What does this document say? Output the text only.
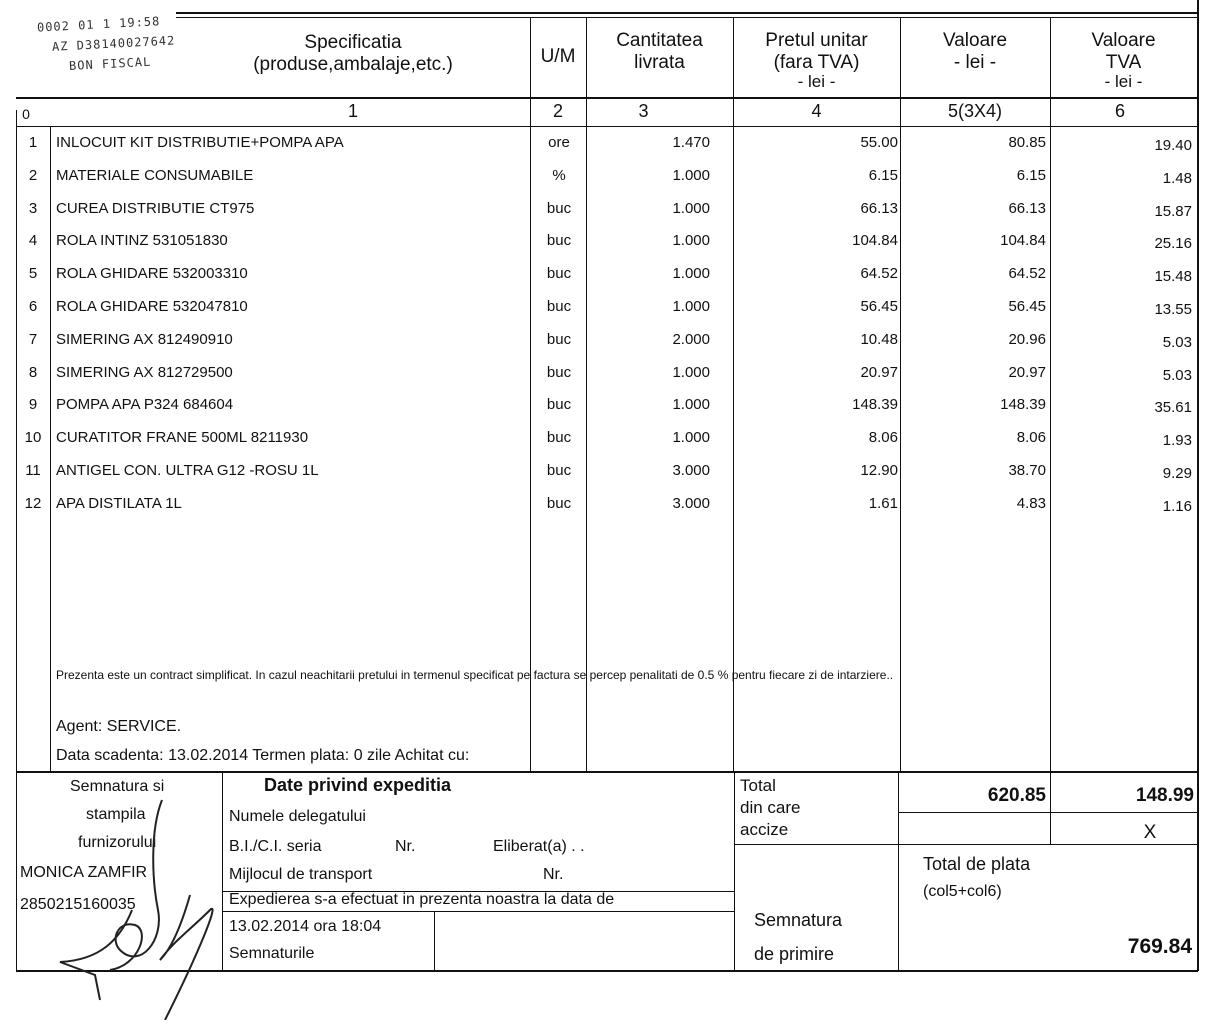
0002 01 1 19:58
AZ D38140027642
BON FISCAL
Specificatia
(produse,ambalaje,etc.)	U/M
Cantitatea
livrata
Pretul unitar
(fara TVA)
- lei -
Valoare
- lei -
Valoare
TVA
- lei -
0	1	2	3	4	5(3X4)	6
1	INLOCUIT KIT DISTRIBUTIE+POMPA APA	ore	1.470	55.00	80.85	19.40
2	MATERIALE CONSUMABILE	%	1.000	6.15	6.15	1.48
3	CUREA DISTRIBUTIE CT975	buc	1.000	66.13	66.13	15.87
4	ROLA INTINZ 531051830	buc	1.000	104.84	104.84	25.16
5	ROLA GHIDARE 532003310	buc	1.000	64.52	64.52	15.48
6	ROLA GHIDARE 532047810	buc	1.000	56.45	56.45	13.55
7	SIMERING AX 812490910	buc	2.000	10.48	20.96	5.03
8	SIMERING AX 812729500	buc	1.000	20.97	20.97	5.03
9	POMPA APA P324 684604	buc	1.000	148.39	148.39	35.61
10 CURATITOR FRANE 500ML 8211930	buc	1.000	8.06	8.06	1.93
11	ANTIGEL CON. ULTRA G12 -ROSU 1L	buc	3.000	12.90	38.70	9.29
12 APA DISTILATA 1L	buc	3.000	1.61	4.83	1.16
Prezenta este un contract simplificat. In cazul neachitarii pretului in termenul specificat pe factura se percep penalitati de 0.5 % pentru fiecare zi de intarziere..
Agent: SERVICE.
Data scadenta: 13.02.2014 Termen plata: 0 zile Achitat cu:
Semnatura si
stampila
furnizorului
MONICA ZAMFIR
2850215160035
Date privind expeditia
Numele delegatului
B.I./C.I. seria	Nr.	Eliberat(a) . .
Mijlocul de transport	Nr.
Expedierea s-a efectuat in prezenta noastra la data de
13.02.2014 ora 18:04
Semnaturile
Total
din care
accize
620.85	148.99
X
Semnatura
de primire
Total de plata
(col5+col6)
769.84
